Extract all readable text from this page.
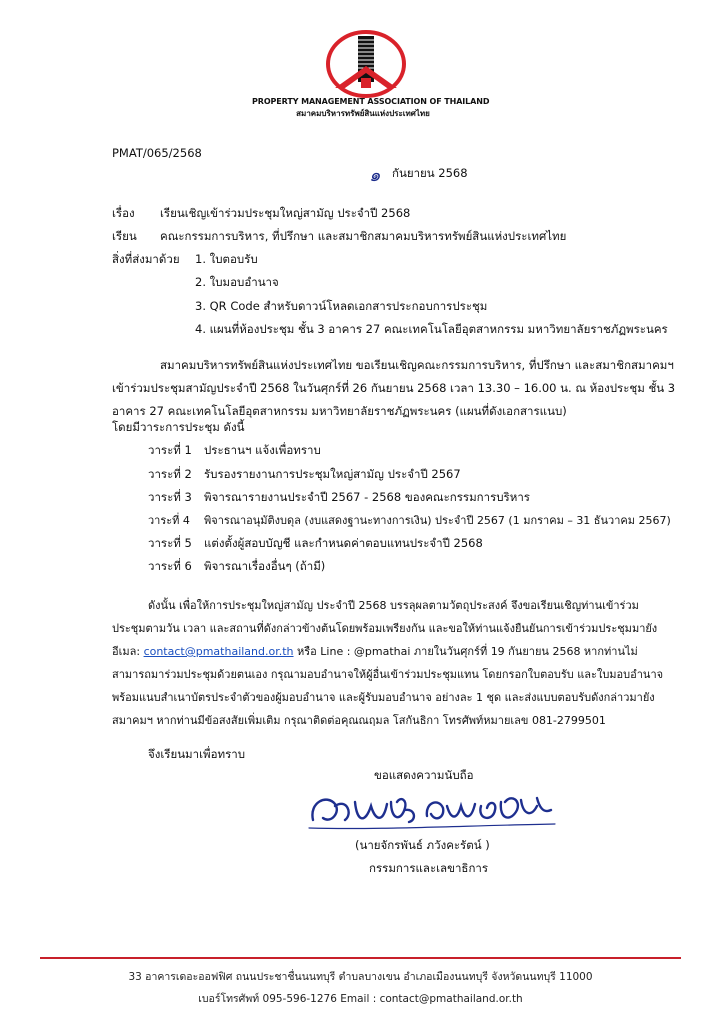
PROPERTY MANAGEMENT ASSOCIATION OF THAILAND
สมาคมบริหารทรัพย์สินแห่งประเทศไทย
PMAT/065/2568
๑ กันยายน 2568
เรื่อง เรียนเชิญเข้าร่วมประชุมใหญ่สามัญ ประจำปี 2568
เรียน คณะกรรมการบริหาร, ที่ปรึกษา และสมาชิกสมาคมบริหารทรัพย์สินแห่งประเทศไทย
สิ่งที่ส่งมาด้วย 1. ใบตอบรับ
2. ใบมอบอำนาจ
3. QR Code สำหรับดาวน์โหลดเอกสารประกอบการประชุม
4. แผนที่ห้องประชุม ชั้น 3 อาคาร 27 คณะเทคโนโลยีอุตสาหกรรม มหาวิทยาลัยราชภัฏพระนคร
สมาคมบริหารทรัพย์สินแห่งประเทศไทย ขอเรียนเชิญคณะกรรมการบริหาร, ที่ปรึกษา และสมาชิกสมาคมฯ
เข้าร่วมประชุมสามัญประจำปี 2568 ในวันศุกร์ที่ 26 กันยายน 2568 เวลา 13.30 – 16.00 น. ณ ห้องประชุม ชั้น 3
อาคาร 27 คณะเทคโนโลยีอุตสาหกรรม มหาวิทยาลัยราชภัฏพระนคร (แผนที่ดังเอกสารแนบ)
โดยมีวาระการประชุม ดังนี้
วาระที่ 1 ประธานฯ แจ้งเพื่อทราบ
วาระที่ 2 รับรองรายงานการประชุมใหญ่สามัญ ประจำปี 2567
วาระที่ 3 พิจารณารายงานประจำปี 2567 - 2568 ของคณะกรรมการบริหาร
วาระที่ 4 พิจารณาอนุมัติงบดุล (งบแสดงฐานะทางการเงิน) ประจำปี 2567 (1 มกราคม – 31 ธันวาคม 2567)
วาระที่ 5 แต่งตั้งผู้สอบบัญชี และกำหนดค่าตอบแทนประจำปี 2568
วาระที่ 6 พิจารณาเรื่องอื่นๆ (ถ้ามี)
ดังนั้น เพื่อให้การประชุมใหญ่สามัญ ประจำปี 2568 บรรลุผลตามวัตถุประสงค์ จึงขอเรียนเชิญท่านเข้าร่วม
ประชุมตามวัน เวลา และสถานที่ดังกล่าวข้างต้นโดยพร้อมเพรียงกัน และขอให้ท่านแจ้งยืนยันการเข้าร่วมประชุมมายัง
อีเมล: contact@pmathailand.or.th หรือ Line : @pmathai ภายในวันศุกร์ที่ 19 กันยายน 2568 หากท่านไม่
สามารถมาร่วมประชุมด้วยตนเอง กรุณามอบอำนาจให้ผู้อื่นเข้าร่วมประชุมแทน โดยกรอกใบตอบรับ และใบมอบอำนาจ
พร้อมแนบสำเนาบัตรประจำตัวของผู้มอบอำนาจ และผู้รับมอบอำนาจ อย่างละ 1 ชุด และส่งแบบตอบรับดังกล่าวมายัง
สมาคมฯ หากท่านมีข้อสงสัยเพิ่มเติม กรุณาติดต่อคุณณฤมล โสกันธิกา โทรศัพท์หมายเลข 081-2799501
จึงเรียนมาเพื่อทราบ
ขอแสดงความนับถือ
(นายจักรพันธ์ ภวังคะรัตน์ )
กรรมการและเลขาธิการ
33 อาคารเดอะออฟฟิศ ถนนประชาชื่นนนทบุรี ตำบลบางเขน อำเภอเมืองนนทบุรี จังหวัดนนทบุรี 11000
เบอร์โทรศัพท์ 095-596-1276 Email : contact@pmathailand.or.th
